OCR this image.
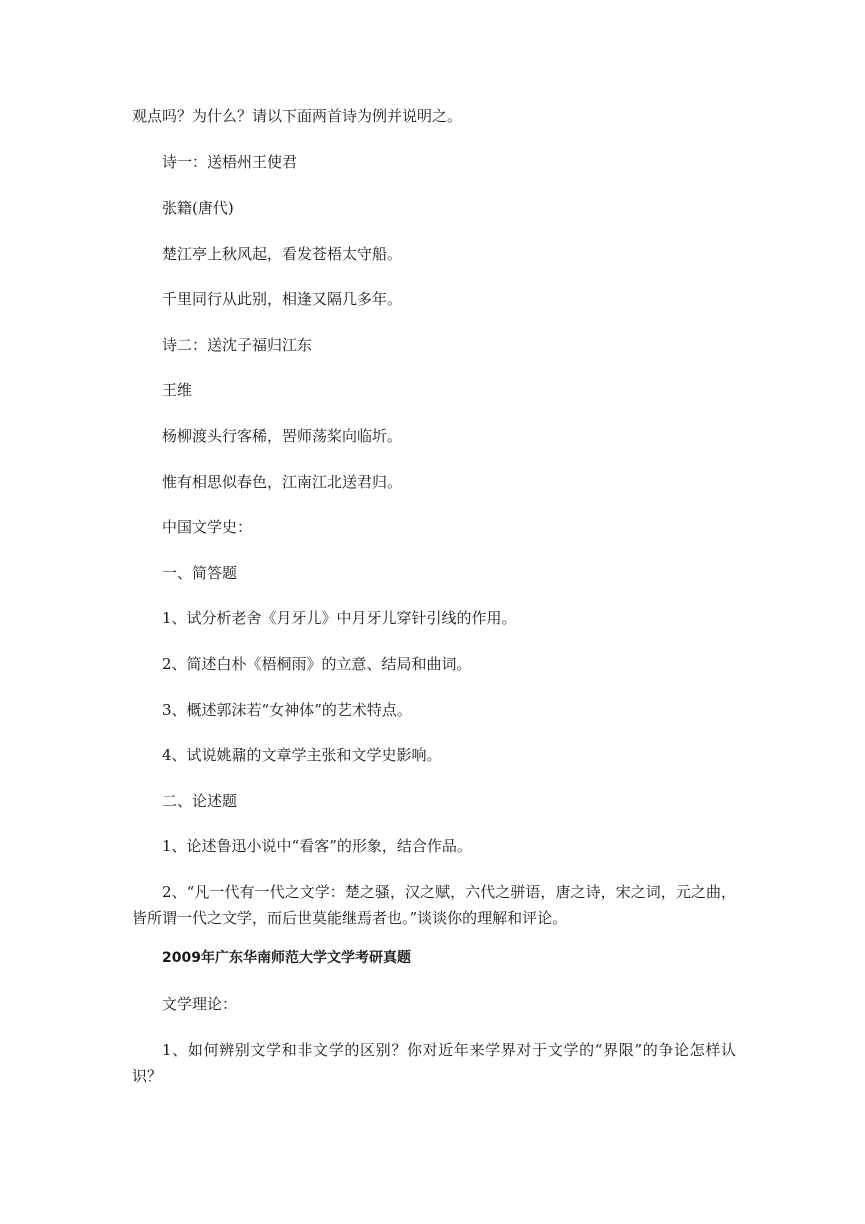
观点吗？为什么？请以下面两首诗为例并说明之。
诗一：送梧州王使君
张籍(唐代)
楚江亭上秋风起，看发苍梧太守船。
千里同行从此别，相逢又隔几多年。
诗二：送沈子福归江东
王维
杨柳渡头行客稀，罟师荡桨向临圻。
惟有相思似春色，江南江北送君归。
中国文学史：
一、简答题
1、试分析老舍《月牙儿》中月牙儿穿针引线的作用。
2、简述白朴《梧桐雨》的立意、结局和曲词。
3、概述郭沫若“女神体”的艺术特点。
4、试说姚鼐的文章学主张和文学史影响。
二、论述题
1、论述鲁迅小说中“看客”的形象，结合作品。
2、“凡一代有一代之文学：楚之骚，汉之赋，六代之骈语，唐之诗，宋之词，元之曲，皆所谓一代之文学，而后世莫能继焉者也。”谈谈你的理解和评论。
2009年广东华南师范大学文学考研真题
文学理论：
1、如何辨别文学和非文学的区别？你对近年来学界对于文学的“界限”的争论怎样认识？
